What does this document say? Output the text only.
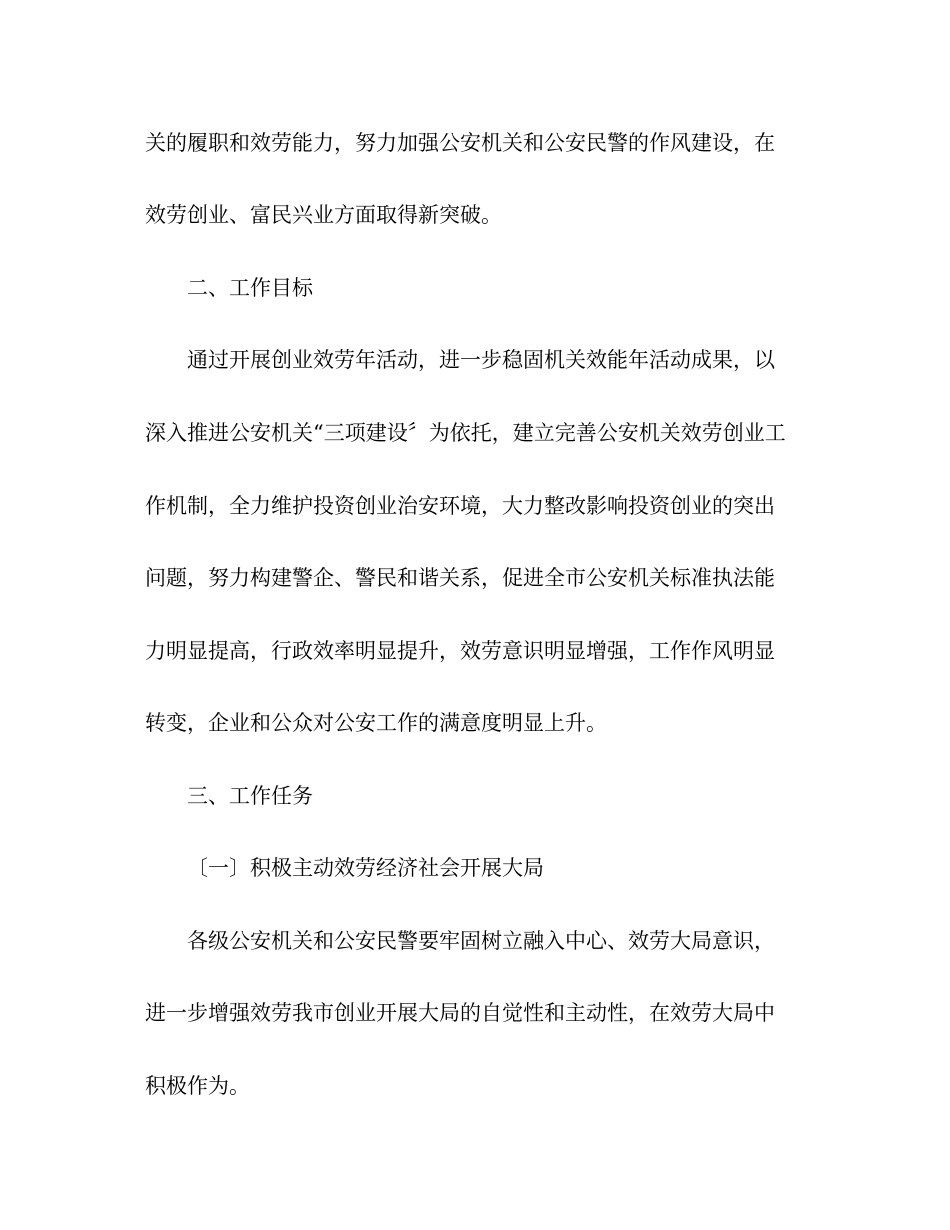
关的履职和效劳能力，努力加强公安机关和公安民警的作风建设，在
效劳创业、富民兴业方面取得新突破。
二、工作目标
通过开展创业效劳年活动，进一步稳固机关效能年活动成果，以
深入推进公安机关“三项建设〞为依托，建立完善公安机关效劳创业工
作机制，全力维护投资创业治安环境，大力整改影响投资创业的突出
问题，努力构建警企、警民和谐关系，促进全市公安机关标准执法能
力明显提高，行政效率明显提升，效劳意识明显增强，工作作风明显
转变，企业和公众对公安工作的满意度明显上升。
三、工作任务
〔一〕积极主动效劳经济社会开展大局
各级公安机关和公安民警要牢固树立融入中心、效劳大局意识，
进一步增强效劳我市创业开展大局的自觉性和主动性，在效劳大局中
积极作为。
